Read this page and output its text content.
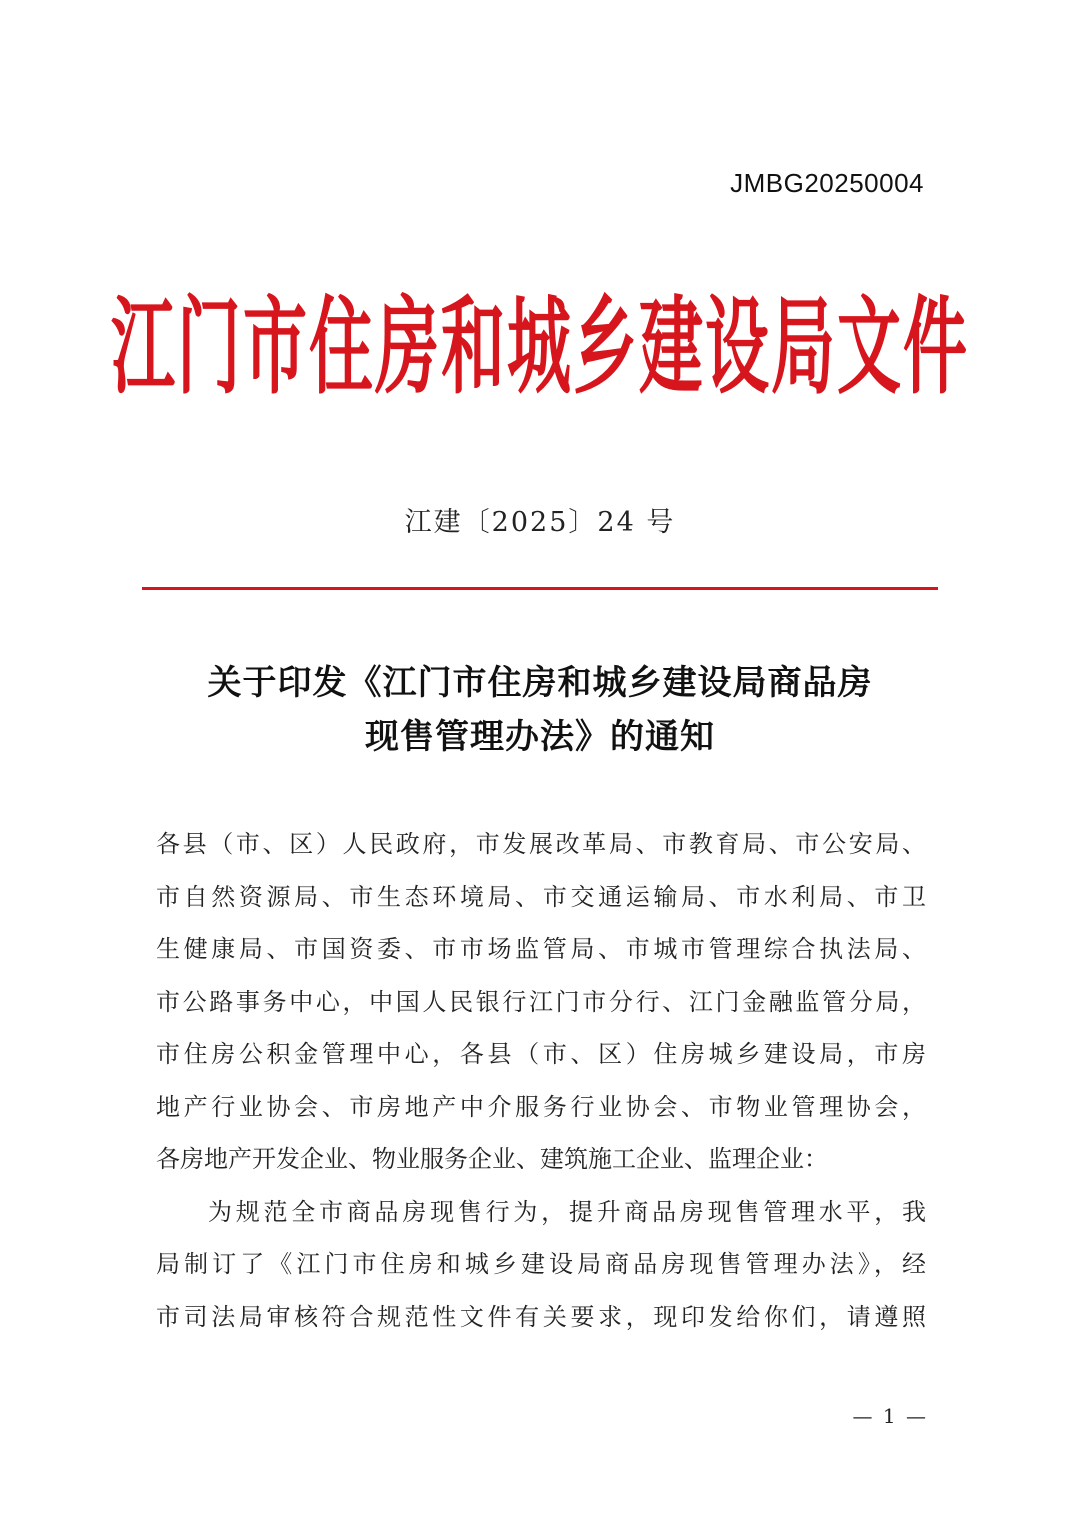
JMBG20250004
江门市住房和城乡建设局文件
江建〔2025〕24 号
关于印发《江门市住房和城乡建设局商品房
现售管理办法》的通知
各县（市、区）人民政府，市发展改革局、市教育局、市公安局、
市自然资源局、市生态环境局、市交通运输局、市水利局、市卫
生健康局、市国资委、市市场监管局、市城市管理综合执法局、
市公路事务中心，中国人民银行江门市分行、江门金融监管分局，
市住房公积金管理中心，各县（市、区）住房城乡建设局，市房
地产行业协会、市房地产中介服务行业协会、市物业管理协会，
各房地产开发企业、物业服务企业、建筑施工企业、监理企业：
为规范全市商品房现售行为，提升商品房现售管理水平，我
局制订了《江门市住房和城乡建设局商品房现售管理办法》，经
市司法局审核符合规范性文件有关要求，现印发给你们，请遵照
— 1 —
